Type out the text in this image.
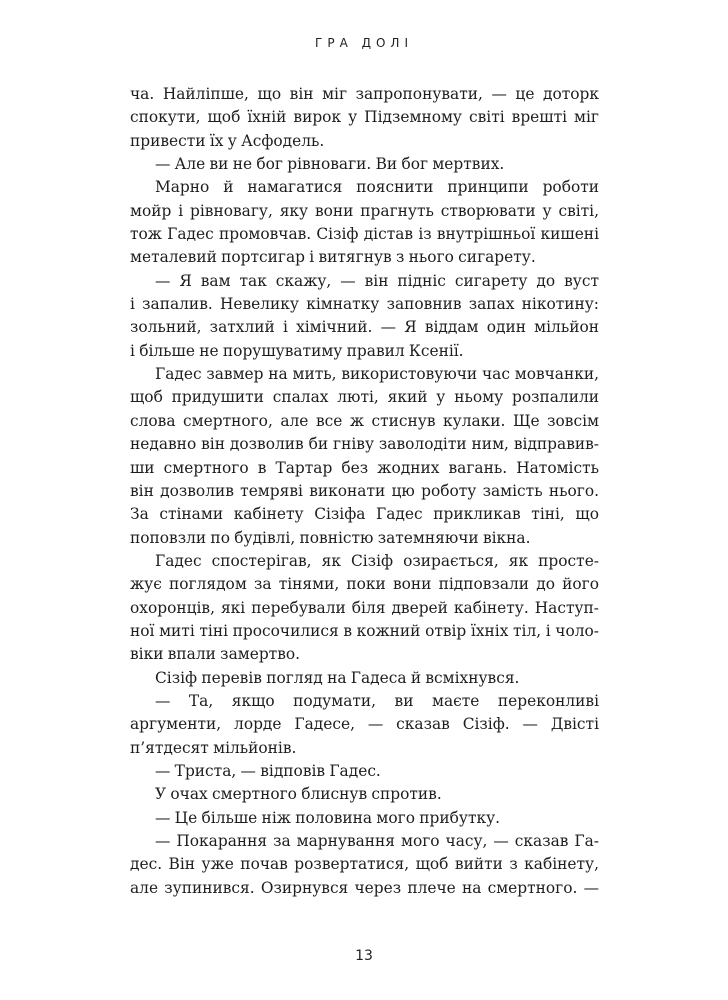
ГРА ДОЛІ
ча. Найліпше, що він міг запропонувати, — це доторк
спокути, щоб їхній вирок у Підземному світі врешті міг
привести їх у Асфодель.
— Але ви не бог рівноваги. Ви бог мертвих.
Марно й намагатися пояснити принципи роботи
мойр і рівновагу, яку вони прагнуть створювати у світі,
тож Гадес промовчав. Сізіф дістав із внутрішньої кишені
металевий портсигар і витягнув з нього сигарету.
— Я вам так скажу, — він підніс сигарету до вуст
і запалив. Невелику кімнатку заповнив запах нікотину:
зольний, затхлий і хімічний. — Я віддам один мільйон
і більше не порушуватиму правил Ксенії.
Гадес завмер на мить, використовуючи час мовчанки,
щоб придушити спалах люті, який у ньому розпалили
слова смертного, але все ж стиснув кулаки. Ще зовсім
недавно він дозволив би гніву заволодіти ним, відправив-
ши смертного в Тартар без жодних вагань. Натомість
він дозволив темряві виконати цю роботу замість нього.
За стінами кабінету Сізіфа Гадес прикликав тіні, що
поповзли по будівлі, повністю затемняючи вікна.
Гадес спостерігав, як Сізіф озирається, як просте-
жує поглядом за тінями, поки вони підповзали до його
охоронців, які перебували біля дверей кабінету. Наступ-
ної миті тіні просочилися в кожний отвір їхніх тіл, і чоло-
віки впали замертво.
Сізіф перевів погляд на Гадеса й всміхнувся.
— Та, якщо подумати, ви маєте переконливі
аргументи, лорде Гадесе, — сказав Сізіф. — Двісті
п’ятдесят мільйонів.
— Триста, — відповів Гадес.
У очах смертного блиснув спротив.
— Це більше ніж половина мого прибутку.
— Покарання за марнування мого часу, — сказав Га-
дес. Він уже почав розвертатися, щоб вийти з кабінету,
але зупинився. Озирнувся через плече на смертного. —
13
